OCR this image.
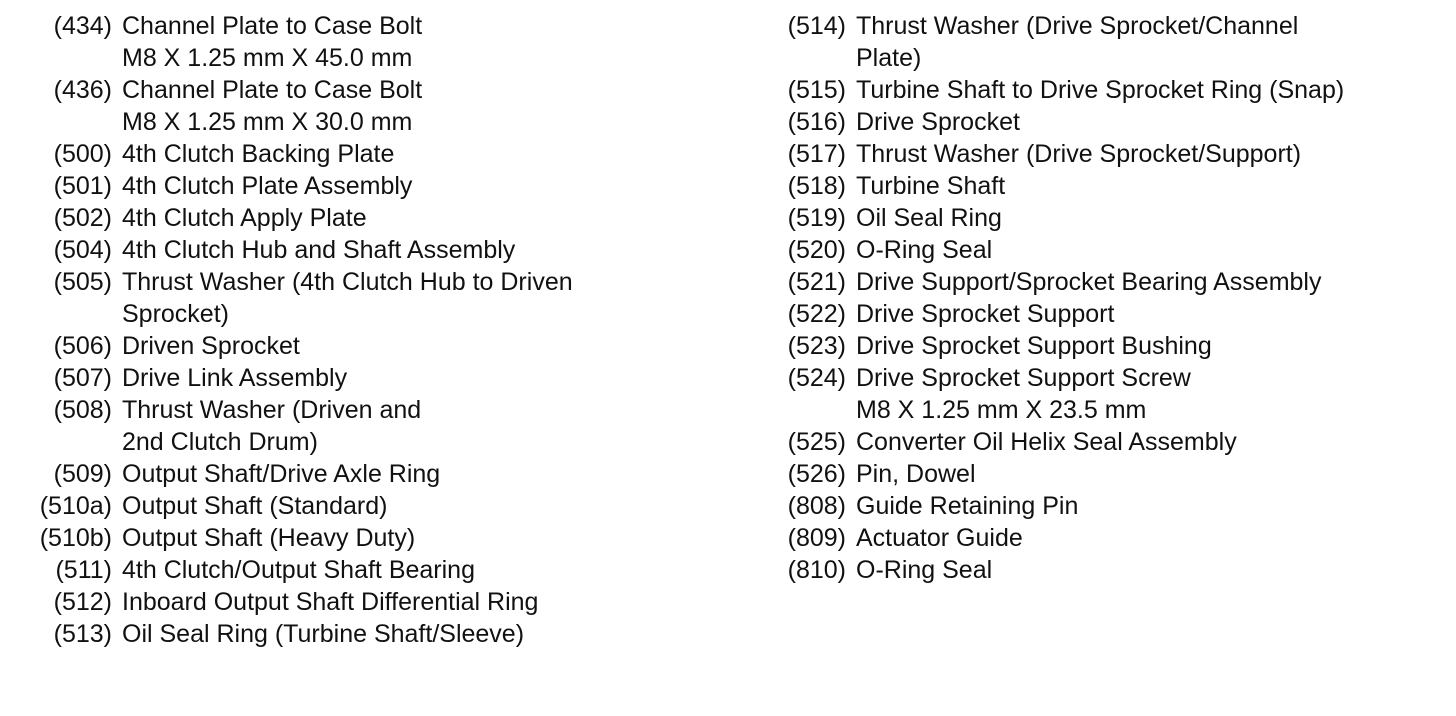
(434) Channel Plate to Case Bolt
M8 X 1.25 mm X 45.0 mm
(436) Channel Plate to Case Bolt
M8 X 1.25 mm X 30.0 mm
(500) 4th Clutch Backing Plate
(501) 4th Clutch Plate Assembly
(502) 4th Clutch Apply Plate
(504) 4th Clutch Hub and Shaft Assembly
(505) Thrust Washer (4th Clutch Hub to Driven
Sprocket)
(506) Driven Sprocket
(507) Drive Link Assembly
(508) Thrust Washer (Driven and
2nd Clutch Drum)
(509) Output Shaft/Drive Axle Ring
(510a) Output Shaft (Standard)
(510b) Output Shaft (Heavy Duty)
(511) 4th Clutch/Output Shaft Bearing
(512) Inboard Output Shaft Differential Ring
(513) Oil Seal Ring (Turbine Shaft/Sleeve)
(514) Thrust Washer (Drive Sprocket/Channel
Plate)
(515) Turbine Shaft to Drive Sprocket Ring (Snap)
(516) Drive Sprocket
(517) Thrust Washer (Drive Sprocket/Support)
(518) Turbine Shaft
(519) Oil Seal Ring
(520) O-Ring Seal
(521) Drive Support/Sprocket Bearing Assembly
(522) Drive Sprocket Support
(523) Drive Sprocket Support Bushing
(524) Drive Sprocket Support Screw
M8 X 1.25 mm X 23.5 mm
(525) Converter Oil Helix Seal Assembly
(526) Pin, Dowel
(808) Guide Retaining Pin
(809) Actuator Guide
(810) O-Ring Seal
